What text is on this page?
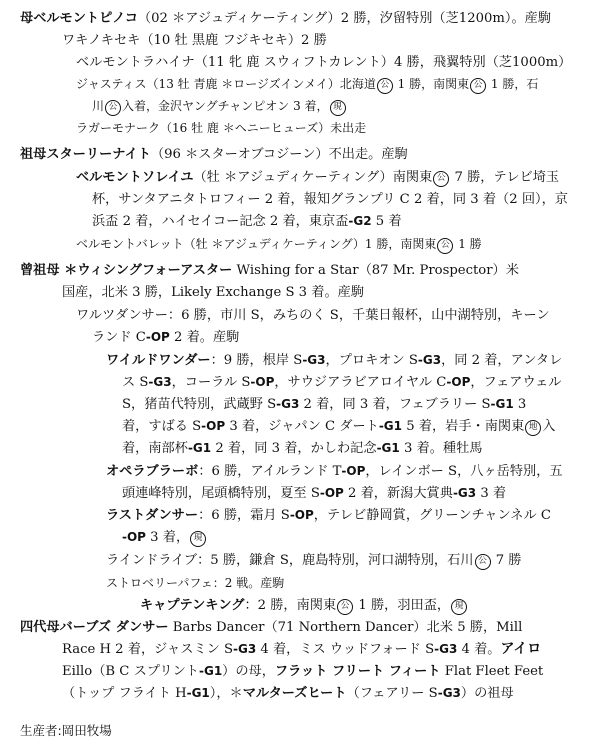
母ベルモントピノコ（02 ＊アジュディケーティング）2 勝，汐留特別（芝1200m）。産駒
ワキノキセキ（10 牡 黒鹿 フジキセキ）2 勝
ベルモントラハイナ（11 牝 鹿 スウィフトカレント）4 勝，飛翼特別（芝1000m）
ジャスティス（13 牡 青鹿 ＊ロージズインメイ）北海道 公 1 勝，南関東 公 1 勝，石
川 公 入着，金沢ヤングチャンピオン 3 着， 現
ラガーモナーク（16 牡 鹿 ＊ヘニーヒューズ）未出走
祖母スターリーナイト（96 ＊スターオブコジーン）不出走。産駒
ベルモントソレイユ（牡 ＊アジュディケーティング）南関東 公 7 勝，テレビ埼玉
杯，サンタアニタトロフィー 2 着，報知グランプリ C 2 着，同 3 着（2 回），京
浜盃 2 着，ハイセイコー記念 2 着，東京盃-G2 5 着
ベルモントバレット（牡 ＊アジュディケーティング）1 勝，南関東 公 1 勝
曾祖母 ＊ウィシングフォーアスター Wishing for a Star（87 Mr. Prospector）米
国産，北米 3 勝，Likely Exchange S 3 着。産駒
ワルツダンサー：6 勝，市川 S，みちのく S，千葉日報杯，山中湖特別，キーン
ランド C-OP 2 着。産駒
ワイルドワンダー：9 勝，根岸 S-G3，プロキオン S-G3，同 2 着，アンタレ
ス S-G3，コーラル S-OP，サウジアラビアロイヤル C-OP，フェアウェル
S，猪苗代特別，武蔵野 S-G3 2 着，同 3 着，フェブラリー S-G1 3
着，すばる S-OP 3 着，ジャパン C ダート-G1 5 着，岩手・南関東 地 入
着，南部杯-G1 2 着，同 3 着，かしわ記念-G1 3 着。種牡馬
オペラブラーボ：6 勝，アイルランド T-OP，レインボー S，八ヶ岳特別，五
頭連峰特別，尾頭橋特別，夏至 S-OP 2 着，新潟大賞典-G3 3 着
ラストダンサー：6 勝，霜月 S-OP，テレビ静岡賞，グリーンチャンネル C
-OP 3 着， 現
ラインドライブ：5 勝，鎌倉 S，鹿島特別，河口湖特別，石川 公 7 勝
ストロベリーパフェ：2 戦。産駒
キャプテンキング：2 勝，南関東 公 1 勝，羽田盃， 現
四代母バーブズ ダンサー Barbs Dancer（71 Northern Dancer）北米 5 勝，Mill
Race H 2 着，ジャスミン S-G3 4 着，ミス ウッドフォード S-G3 4 着。アイロ
Eillo（B C スプリント-G1）の母，フラット フリート フィート Flat Fleet Feet
（トップ フライト H-G1），＊マルターズヒート（フェアリー S-G3）の祖母
生産者:岡田牧場
